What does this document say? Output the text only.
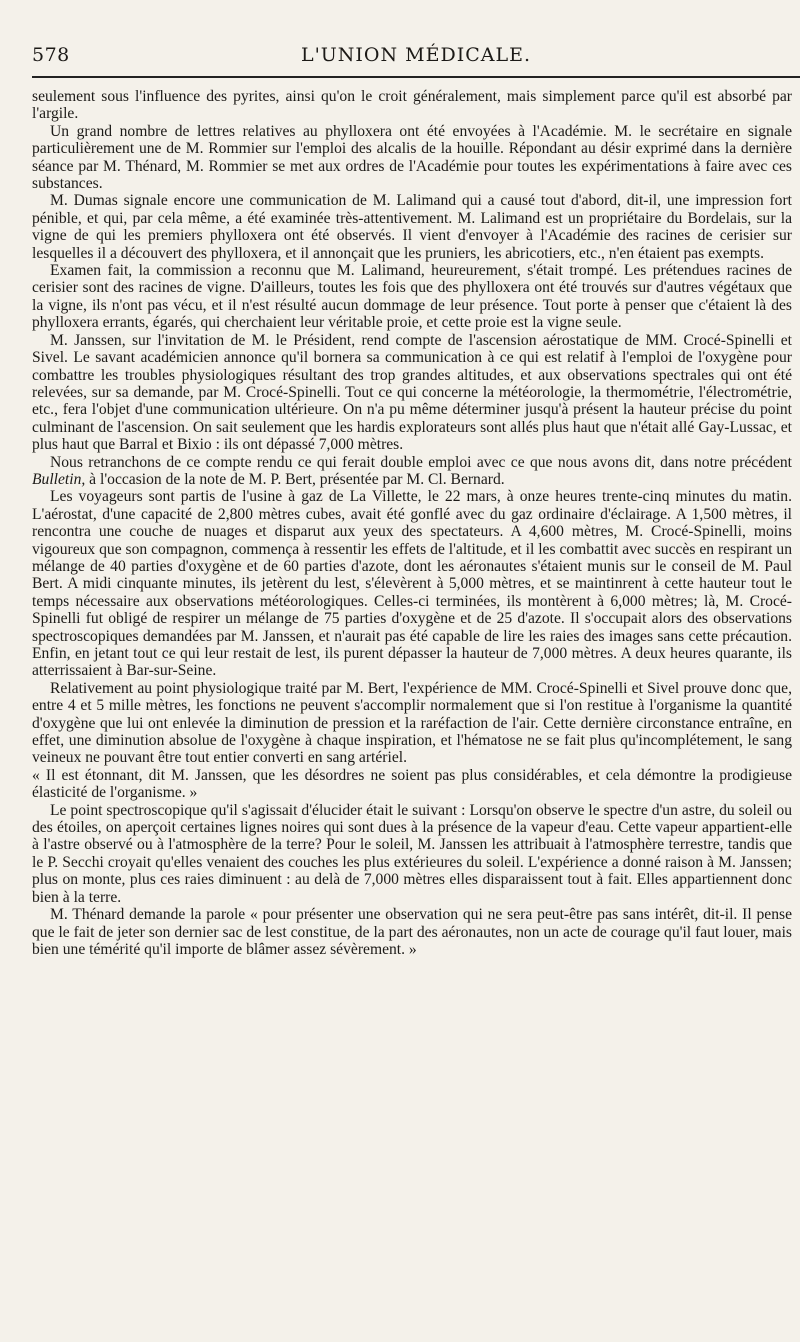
578	L'UNION MÉDICALE.

seulement sous l'influence des pyrites, ainsi qu'on le croit généralement, mais simplement parce qu'il est absorbé par l'argile.

Un grand nombre de lettres relatives au phylloxera ont été envoyées à l'Académie. M. le secrétaire en signale particulièrement une de M. Rommier sur l'emploi des alcalis de la houille. Répondant au désir exprimé dans la dernière séance par M. Thénard, M. Rommier se met aux ordres de l'Académie pour toutes les expérimentations à faire avec ces substances.

M. Dumas signale encore une communication de M. Lalimand qui a causé tout d'abord, dit-il, une impression fort pénible, et qui, par cela même, a été examinée très-attentivement. M. Lalimand est un propriétaire du Bordelais, sur la vigne de qui les premiers phylloxera ont été observés. Il vient d'envoyer à l'Académie des racines de cerisier sur lesquelles il a découvert des phylloxera, et il annonçait que les pruniers, les abricotiers, etc., n'en étaient pas exempts.

Examen fait, la commission a reconnu que M. Lalimand, heureurement, s'était trompé. Les prétendues racines de cerisier sont des racines de vigne. D'ailleurs, toutes les fois que des phylloxera ont été trouvés sur d'autres végétaux que la vigne, ils n'ont pas vécu, et il n'est résulté aucun dommage de leur présence. Tout porte à penser que c'étaient là des phylloxera errants, égarés, qui cherchaient leur véritable proie, et cette proie est la vigne seule.

M. Janssen, sur l'invitation de M. le Président, rend compte de l'ascension aérostatique de MM. Crocé-Spinelli et Sivel. Le savant académicien annonce qu'il bornera sa communication à ce qui est relatif à l'emploi de l'oxygène pour combattre les troubles physiologiques résultant des trop grandes altitudes, et aux observations spectrales qui ont été relevées, sur sa demande, par M. Crocé-Spinelli. Tout ce qui concerne la météorologie, la thermométrie, l'électrométrie, etc., fera l'objet d'une communication ultérieure. On n'a pu même déterminer jusqu'à présent la hauteur précise du point culminant de l'ascension. On sait seulement que les hardis explorateurs sont allés plus haut que n'était allé Gay-Lussac, et plus haut que Barral et Bixio : ils ont dépassé 7,000 mètres.

Nous retranchons de ce compte rendu ce qui ferait double emploi avec ce que nous avons dit, dans notre précédent Bulletin, à l'occasion de la note de M. P. Bert, présentée par M. Cl. Bernard.

Les voyageurs sont partis de l'usine à gaz de La Villette, le 22 mars, à onze heures trente-cinq minutes du matin. L'aérostat, d'une capacité de 2,800 mètres cubes, avait été gonflé avec du gaz ordinaire d'éclairage. A 1,500 mètres, il rencontra une couche de nuages et disparut aux yeux des spectateurs. A 4,600 mètres, M. Crocé-Spinelli, moins vigoureux que son compagnon, commença à ressentir les effets de l'altitude, et il les combattit avec succès en respirant un mélange de 40 parties d'oxygène et de 60 parties d'azote, dont les aéronautes s'étaient munis sur le conseil de M. Paul Bert. A midi cinquante minutes, ils jetèrent du lest, s'élevèrent à 5,000 mètres, et se maintinrent à cette hauteur tout le temps nécessaire aux observations météorologiques. Celles-ci terminées, ils montèrent à 6,000 mètres; là, M. Crocé-Spinelli fut obligé de respirer un mélange de 75 parties d'oxygène et de 25 d'azote. Il s'occupait alors des observations spectroscopiques demandées par M. Janssen, et n'aurait pas été capable de lire les raies des images sans cette précaution. Enfin, en jetant tout ce qui leur restait de lest, ils purent dépasser la hauteur de 7,000 mètres. A deux heures quarante, ils atterrissaient à Bar-sur-Seine.

Relativement au point physiologique traité par M. Bert, l'expérience de MM. Crocé-Spinelli et Sivel prouve donc que, entre 4 et 5 mille mètres, les fonctions ne peuvent s'accomplir normalement que si l'on restitue à l'organisme la quantité d'oxygène que lui ont enlevée la diminution de pression et la raréfaction de l'air. Cette dernière circonstance entraîne, en effet, une diminution absolue de l'oxygène à chaque inspiration, et l'hématose ne se fait plus qu'incomplétement, le sang veineux ne pouvant être tout entier converti en sang artériel.

« Il est étonnant, dit M. Janssen, que les désordres ne soient pas plus considérables, et cela démontre la prodigieuse élasticité de l'organisme. »

Le point spectroscopique qu'il s'agissait d'élucider était le suivant : Lorsqu'on observe le spectre d'un astre, du soleil ou des étoiles, on aperçoit certaines lignes noires qui sont dues à la présence de la vapeur d'eau. Cette vapeur appartient-elle à l'astre observé ou à l'atmosphère de la terre? Pour le soleil, M. Janssen les attribuait à l'atmosphère terrestre, tandis que le P. Secchi croyait qu'elles venaient des couches les plus extérieures du soleil. L'expérience a donné raison à M. Janssen; plus on monte, plus ces raies diminuent : au delà de 7,000 mètres elles disparaissent tout à fait. Elles appartiennent donc bien à la terre.

M. Thénard demande la parole « pour présenter une observation qui ne sera peut-être pas sans intérêt, dit-il. Il pense que le fait de jeter son dernier sac de lest constitue, de la part des aéronautes, non un acte de courage qu'il faut louer, mais bien une témérité qu'il importe de blâmer assez sévèrement. »
